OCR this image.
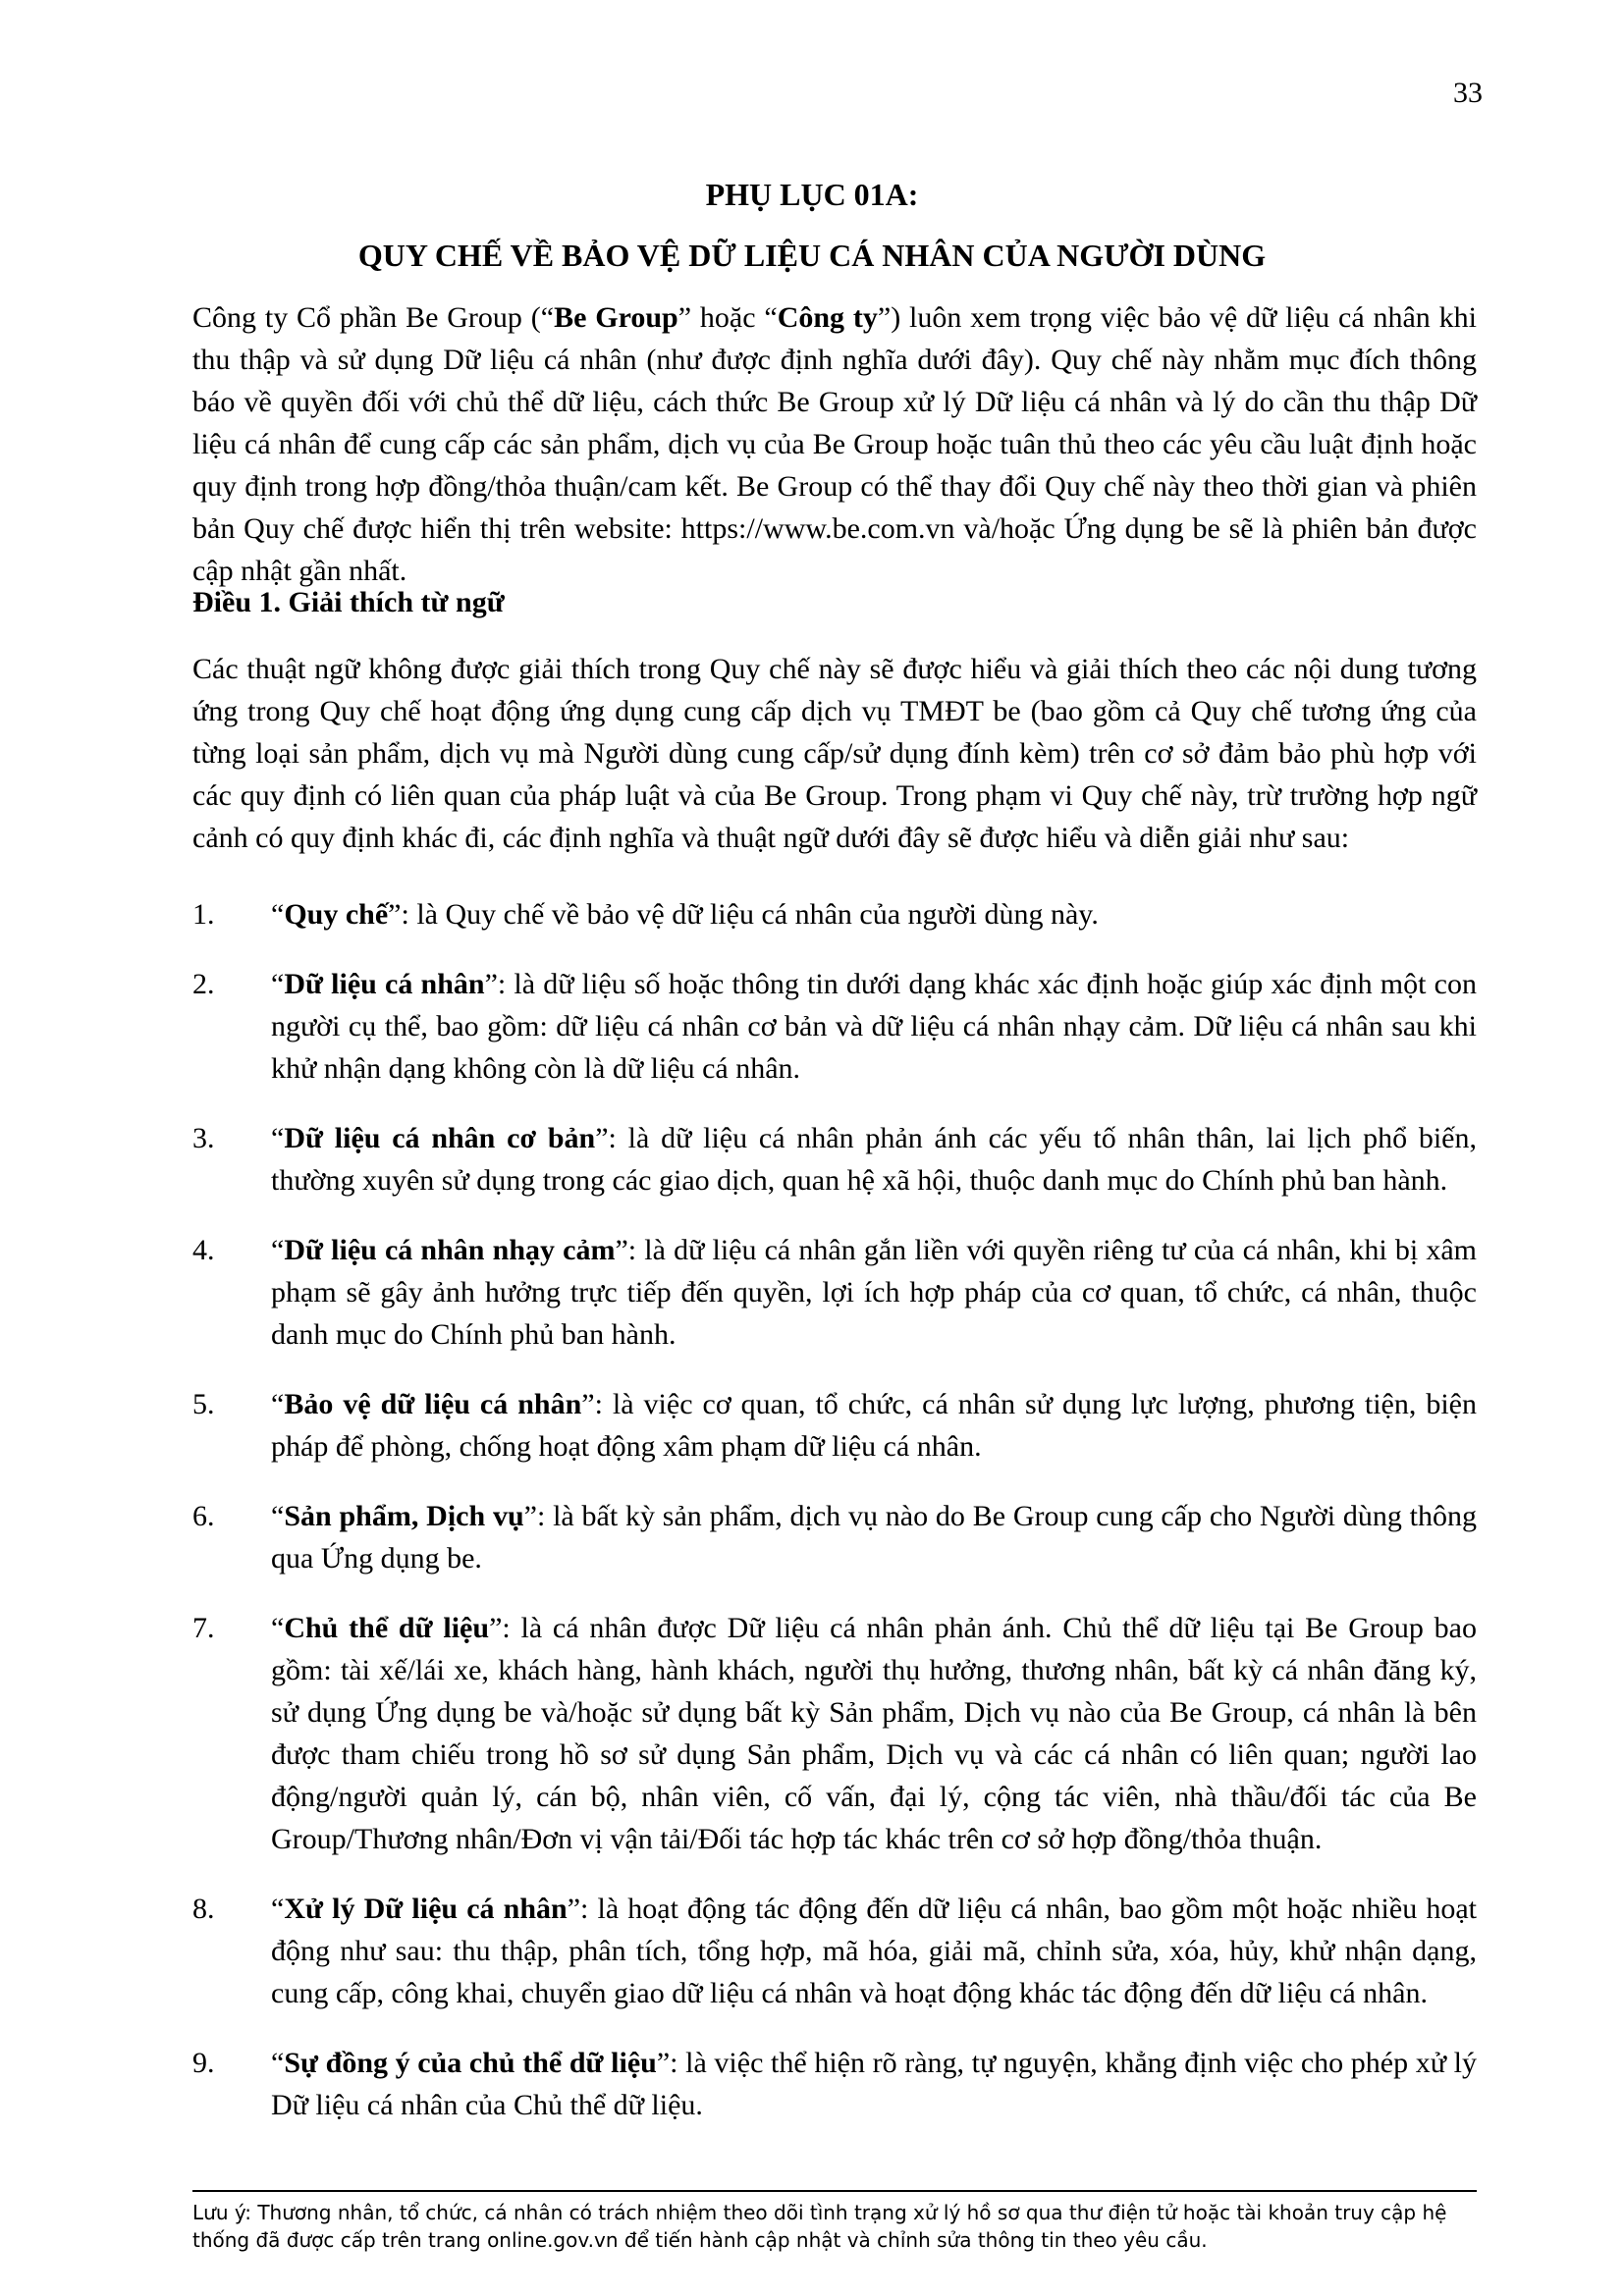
33
PHỤ LỤC 01A:
QUY CHẾ VỀ BẢO VỆ DỮ LIỆU CÁ NHÂN CỦA NGƯỜI DÙNG
Công ty Cổ phần Be Group (“Be Group” hoặc “Công ty”) luôn xem trọng việc bảo vệ dữ liệu cá nhân khi thu thập và sử dụng Dữ liệu cá nhân (như được định nghĩa dưới đây). Quy chế này nhằm mục đích thông báo về quyền đối với chủ thể dữ liệu, cách thức Be Group xử lý Dữ liệu cá nhân và lý do cần thu thập Dữ liệu cá nhân để cung cấp các sản phẩm, dịch vụ của Be Group hoặc tuân thủ theo các yêu cầu luật định hoặc quy định trong hợp đồng/thỏa thuận/cam kết. Be Group có thể thay đổi Quy chế này theo thời gian và phiên bản Quy chế được hiển thị trên website: https://www.be.com.vn và/hoặc Ứng dụng be sẽ là phiên bản được cập nhật gần nhất.
Điều 1. Giải thích từ ngữ
Các thuật ngữ không được giải thích trong Quy chế này sẽ được hiểu và giải thích theo các nội dung tương ứng trong Quy chế hoạt động ứng dụng cung cấp dịch vụ TMĐT be (bao gồm cả Quy chế tương ứng của từng loại sản phẩm, dịch vụ mà Người dùng cung cấp/sử dụng đính kèm) trên cơ sở đảm bảo phù hợp với các quy định có liên quan của pháp luật và của Be Group. Trong phạm vi Quy chế này, trừ trường hợp ngữ cảnh có quy định khác đi, các định nghĩa và thuật ngữ dưới đây sẽ được hiểu và diễn giải như sau:
1. “Quy chế”: là Quy chế về bảo vệ dữ liệu cá nhân của người dùng này.
2. “Dữ liệu cá nhân”: là dữ liệu số hoặc thông tin dưới dạng khác xác định hoặc giúp xác định một con người cụ thể, bao gồm: dữ liệu cá nhân cơ bản và dữ liệu cá nhân nhạy cảm. Dữ liệu cá nhân sau khi khử nhận dạng không còn là dữ liệu cá nhân.
3. “Dữ liệu cá nhân cơ bản”: là dữ liệu cá nhân phản ánh các yếu tố nhân thân, lai lịch phổ biến, thường xuyên sử dụng trong các giao dịch, quan hệ xã hội, thuộc danh mục do Chính phủ ban hành.
4. “Dữ liệu cá nhân nhạy cảm”: là dữ liệu cá nhân gắn liền với quyền riêng tư của cá nhân, khi bị xâm phạm sẽ gây ảnh hưởng trực tiếp đến quyền, lợi ích hợp pháp của cơ quan, tổ chức, cá nhân, thuộc danh mục do Chính phủ ban hành.
5. “Bảo vệ dữ liệu cá nhân”: là việc cơ quan, tổ chức, cá nhân sử dụng lực lượng, phương tiện, biện pháp để phòng, chống hoạt động xâm phạm dữ liệu cá nhân.
6. “Sản phẩm, Dịch vụ”: là bất kỳ sản phẩm, dịch vụ nào do Be Group cung cấp cho Người dùng thông qua Ứng dụng be.
7. “Chủ thể dữ liệu”: là cá nhân được Dữ liệu cá nhân phản ánh. Chủ thể dữ liệu tại Be Group bao gồm: tài xế/lái xe, khách hàng, hành khách, người thụ hưởng, thương nhân, bất kỳ cá nhân đăng ký, sử dụng Ứng dụng be và/hoặc sử dụng bất kỳ Sản phẩm, Dịch vụ nào của Be Group, cá nhân là bên được tham chiếu trong hồ sơ sử dụng Sản phẩm, Dịch vụ và các cá nhân có liên quan; người lao động/người quản lý, cán bộ, nhân viên, cố vấn, đại lý, cộng tác viên, nhà thầu/đối tác của Be Group/Thương nhân/Đơn vị vận tải/Đối tác hợp tác khác trên cơ sở hợp đồng/thỏa thuận.
8. “Xử lý Dữ liệu cá nhân”: là hoạt động tác động đến dữ liệu cá nhân, bao gồm một hoặc nhiều hoạt động như sau: thu thập, phân tích, tổng hợp, mã hóa, giải mã, chỉnh sửa, xóa, hủy, khử nhận dạng, cung cấp, công khai, chuyển giao dữ liệu cá nhân và hoạt động khác tác động đến dữ liệu cá nhân.
9. “Sự đồng ý của chủ thể dữ liệu”: là việc thể hiện rõ ràng, tự nguyện, khẳng định việc cho phép xử lý Dữ liệu cá nhân của Chủ thể dữ liệu.
Lưu ý: Thương nhân, tổ chức, cá nhân có trách nhiệm theo dõi tình trạng xử lý hồ sơ qua thư điện tử hoặc tài khoản truy cập hệ thống đã được cấp trên trang online.gov.vn để tiến hành cập nhật và chỉnh sửa thông tin theo yêu cầu.
